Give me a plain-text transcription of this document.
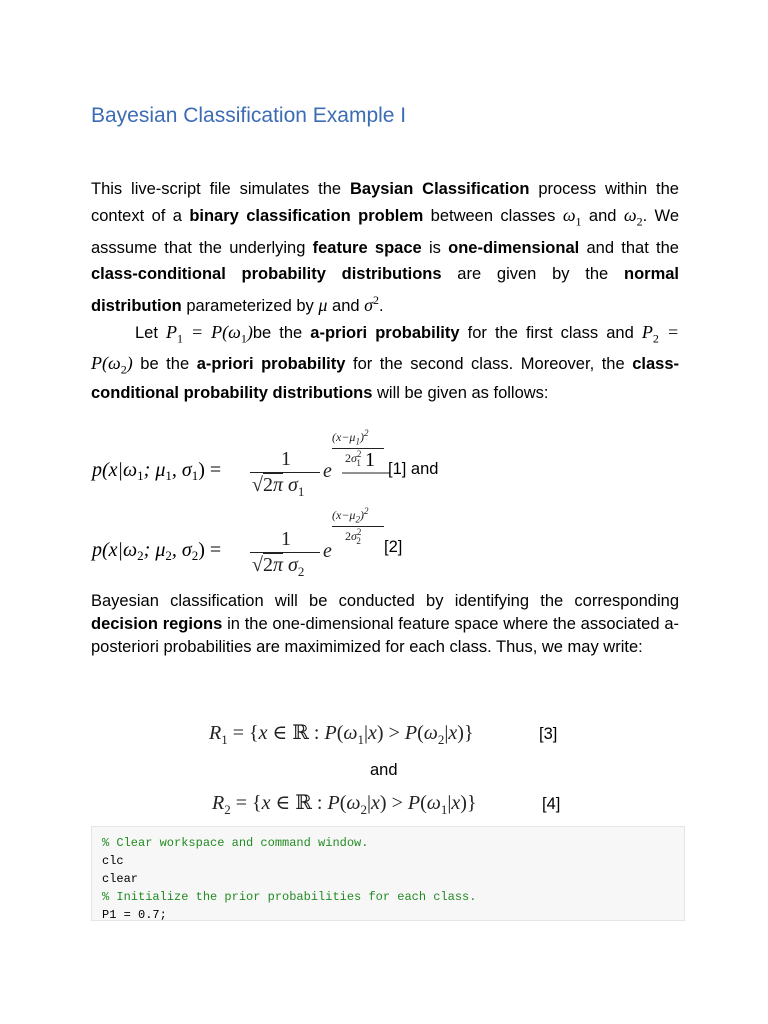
Bayesian Classification Example I
This live-script file simulates the Baysian Classification process within the context of a binary classification problem between classes $\omega_1$ and $\omega_2$. We asssume that the underlying feature space is one-dimensional and that the class-conditional probability distributions are given by the normal distribution parameterized by μ and $\sigma^2$.
Let $P_1 = P(\omega_1)be$ the a-priori probability for the first class and $P_2 = P(\omega_2)$ be the a-priori probability for the second class. Moreover, the class-conditional probability distributions will be given as follows:
$p(x|\omega_1$; $\mu_1$, $\sigma_1$) =	1
1
√2π $\sigma_1$
e
$(x-\mu_1)^2$
$2\sigma^2_1$	[1] and
$p(x|\omega_2$; $\mu_2$, $\sigma_2$) =	1
√2π $\sigma_2$
e
$(x-\mu_2)^2$
$2\sigma^2_2$	[2]
Bayesian classification will be conducted by identifying the corresponding decision regions in the one-dimensional feature space where the associated a-posteriori probabilities are maximimized for each class. Thus, we may write:
$R_1 = \{x$ ∈ ℝ : $P(\omega_1|x) > P(\omega_2|x)$}	[3]
and
$R_2 = \{x$ ∈ ℝ : $P(\omega_2|x) > P(\omega_1|x)$}	[4]
% Clear workspace and command window.
clc
clear
% Initialize the prior probabilities for each class.
P1 = 0.7;
